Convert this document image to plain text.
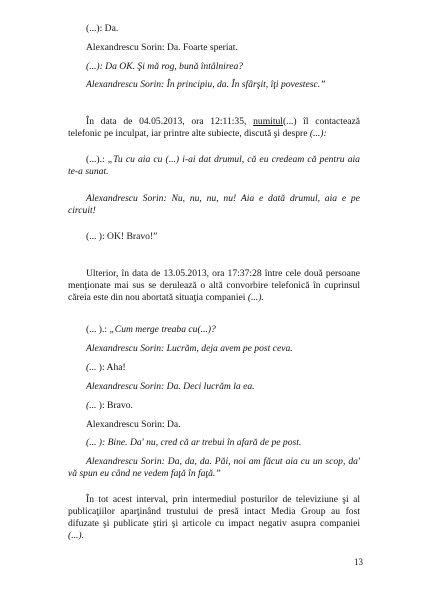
(...): Da.
Alexandrescu Sorin: Da. Foarte speriat.
(...): Da OK. Şi mă rog, bună întâlnirea?
Alexandrescu Sorin: În principiu, da. În sfârşit, îţi povestesc.”

În data de 04.05.2013, ora 12:11:35, numitul(...) îl contactează telefonic pe inculpat, iar printre alte subiecte, discută şi despre (...):

(...).: „Tu cu aia cu (...) i-ai dat drumul, că eu credeam că pentru aia te-a sunat.

Alexandrescu Sorin: Nu, nu, nu, nu! Aia e dată drumul, aia e pe circuit!

(... ): OK! Bravo!”

Ulterior, în data de 13.05.2013, ora 17:37:28 între cele două persoane menţionate mai sus se derulează o altă convorbire telefonică în cuprinsul căreia este din nou abortată situaţia companiei (...).

(... ).: „Cum merge treaba cu(...)?
Alexandrescu Sorin: Lucrăm, deja avem pe post ceva.
(... ): Aha!
Alexandrescu Sorin: Da. Deci lucrăm la ea.
(... ): Bravo.
Alexandrescu Sorin: Da.
(... ): Bine. Da' nu, cred că ar trebui în afară de pe post.

Alexandrescu Sorin: Da, da, da. Păi, noi am făcut aia cu un scop, da' vă spun eu când ne vedem faţă în faţă.”

În tot acest interval, prin intermediul posturilor de televiziune şi al publicaţiilor aparţinând trustului de presă intact Media Group au fost difuzate şi publicate ştiri şi articole cu impact negativ asupra companiei (...).

13
